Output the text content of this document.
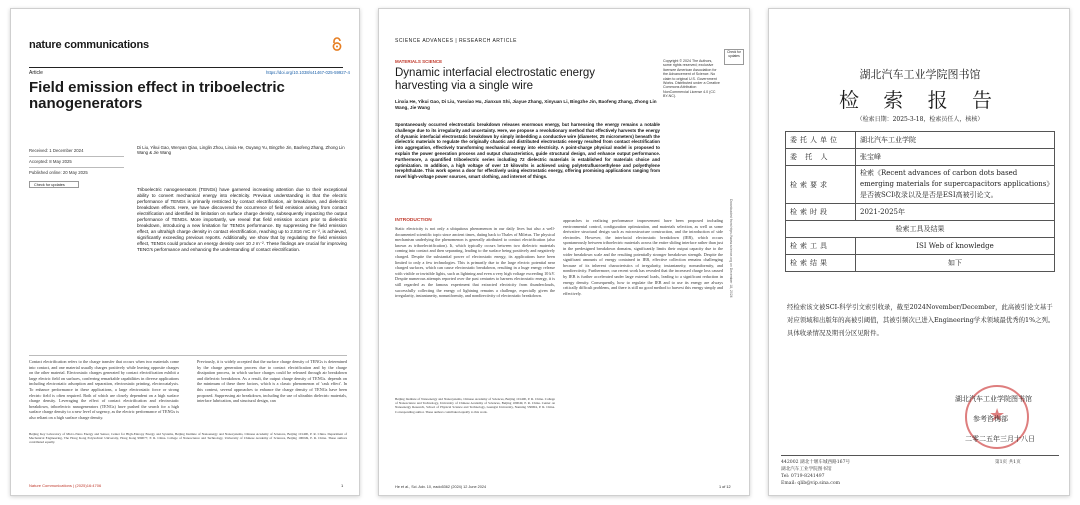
nature communications
Article	https://doi.org/10.1038/s41467-025-59927-4
Field emission effect in triboelectric nanogenerators
Received: 1 December 2024
Accepted: 8 May 2025
Published online: 20 May 2025
Check for updates
Di Liu, Yikui Gao, Wenyan Qiao, Linglin Zhou, Linxia He, Ouyang Yu, Bingzhe Jin, Baofeng Zhang, Zhong Lin Wang & Jie Wang
Triboelectric nanogenerators (TENGs) have garnered increasing attention due to their exceptional ability to convert mechanical energy into electricity. Previous understanding is that the electric performance of TENGs is primarily restricted by contact electrification, air breakdown, and dielectric breakdown effects. Here, we have discovered the occurrence of field emission arising from contact electrification and identified its limitation on surface charge density, subsequently impacting the output performance of TENGs. More importantly, we reveal that field emission occurs prior to dielectric breakdown, introducing a new limitation for TENGs performance. By suppressing the field emission effect, an ultrahigh charge density in contact electrification, reaching up to 2.816 mC m⁻², is achieved, significantly exceeding previous reports. Additionally, we show that by regulating the field emission effect, TENGs could produce an energy density over 10 J m⁻². These findings are crucial for improving TENG's performance and enhancing the understanding of contact electrification.
Contact electrification refers to the charge transfer that occurs when two materials come into contact, and one material usually charges positively while leaving opposite charges on the other material. Electrostatic charges generated by contact electrification exhibit a large electric field on surfaces, conferring remarkable capabilities in diverse applications including electrostatic adsorption and separation, electrostatic printing, electrocatalysis. To enhance performance in these applications, a large electrostatic force or strong electric field is often required. Both of which are closely dependent on a high surface charge density. Leveraging the effect of contact electrification and electrostatic breakdown, triboelectric nanogenerators (TENGs) have pushed the search for a high surface charge density to a new level of urgency, as the electric performance of TENGs is also reliant on a high surface charge density.
Previously, it is widely accepted that the surface charge density of TENGs is determined by the charge generation process due to contact electrification and by the charge dissipation process, in which surface charges could be released through air breakdown and dielectric breakdown. As a result, the output charge density of TENGs. depends on the minimum of these three factors, which is a classic phenomenon of 'cask effect'. In this context, several approaches to enhance the charge density of TENGs have been proposed. Suppressing air breakdown, including the use of ultrathin dielectric materials, interface lubrication, and structural design, can
Beijing Key Laboratory of Micro-Nano Energy and Sensor, Center for High-Entropy Energy and Systems, Beijing Institute of Nanoenergy and Nanosystems, Chinese Academy of Sciences, Beijing 101400, P. R. China. Department of Mechanical Engineering, The Hong Kong Polytechnic University, Hong Kong 999077, P. R. China. College of Nanoscience and Technology, University of Chinese Academy of Sciences, Beijing 100049, P. R. China. These authors contributed equally.
Nature Communications | (2025)16:4706	1
SCIENCE ADVANCES | RESEARCH ARTICLE
MATERIALS SCIENCE
Dynamic interfacial electrostatic energy harvesting via a single wire
Linxia He, Yikui Gao, Di Liu, Yuexiao Hu, Jianxun Shi, Jiayue Zhang, Xinyuan Li, Bingzhe Jin, Baofeng Zhang, Zhong Lin Wang, Jie Wang
Check for updates
Copyright © 2024 The Authors, some rights reserved; exclusive licensee American Association for the Advancement of Science. No claim to original U.S. Government Works. Distributed under a Creative Commons Attribution NonCommercial License 4.0 (CC BY-NC).
Spontaneously occurred electrostatic breakdown releases enormous energy, but harnessing the energy remains a notable challenge due to its irregularity and uncertainty. Here, we propose a revolutionary method that effectively harvests the energy of dynamic interfacial electrostatic breakdown by simply imbedding a conductive wire (diameter, 25 micrometers) beneath the dielectric materials to regulate the originally chaotic and distributed electrostatic energy resulted from contact electrification into aggregation, effectively transforming mechanical energy into electricity. A point-charge physical model is proposed to explain the power generation process and output characteristics, guide structural design, and enhance output performance. Furthermore, a quantified triboelectric series including 72 dielectric materials is established for materials choice and optimization. In addition, a high voltage of over 10 kilovolts is achieved using polytetrafluoroethylene and polyethylene terephthalate. This work opens a door for effectively using electrostatic energy, offering promising applications ranging from novel high-voltage power sources, smart clothing, and internet of things.
INTRODUCTION
Static electricity is not only a ubiquitous phenomenon in our daily lives but also a well-documented scientific topic since ancient times, dating back to Thales of Miletus. The physical mechanism underlying the phenomenon is generally attributed to contact electrification (also known as triboelectrification). It, which typically occurs between two dielectric materials coming into contact and then separating, leading to the surface being positively and negatively charged. Despite the substantial power of electrostatic energy, its applications have been limited to only a few technologies. This is primarily due to the large electric potential near charged surfaces, which can cause electrostatic breakdown, resulting in a huge energy release with visible or invisible lights, such as lightning and even a very high voltage exceeding 10 kV. Despite numerous attempts reported over the past centuries to harness electrostatic energy, it is still regarded as the famous experiment that extracted electricity from thunderclouds, successfully collecting the energy of lightning remains a challenge, especially given the irregularity, instantaneity, nonuniformity, and nondirectivity of electrostatic breakdown.
approaches to realizing performance improvement have been proposed including environmental control, configuration optimization, and materials selection, as well as some derivative structural design such as microstructure construction, and the introduction of side electrodes. However, the interfacial electrostatic breakdown (IEB), which occurs spontaneously between triboelectric materials across the entire sliding interface rather than just in the predesigned breakdown domains, significantly limits their output capacity due to the wider breakdown scale and the resulting potentially stronger breakdown strength. Despite the significant amounts of energy contained in IEB, effective collection remains challenging because of its inherent characteristics of irregularity, instantaneity, nonuniformity, and nondirectivity. Furthermore, our recent work has revealed that the increased charge loss caused by IEB is further accelerated under large external loads, leading to a significant reduction in energy density. Consequently, how to regulate the IEB and to use its energy are always critically difficult problems, and there is still no good method to harvest this energy simply and effectively.
Beijing Institute of Nanoenergy and Nanosystems, Chinese Academy of Sciences, Beijing 101400, P. R. China. College of Nanoscience and Technology, University of Chinese Academy of Sciences, Beijing 100049, P. R. China. Center on Nanoenergy Research, School of Physical Science and Technology, Guangxi University, Nanning 530004, P. R. China. Corresponding author. These authors contributed equally to this work.
Downloaded from https://www.science.org on December 18, 2024
He et al., Sci. Adv. 10, eado5362 (2024) 12 June 2024	1 of 12
湖北汽车工业学院图书馆
检 索 报 告
（检索日期：2025-3-18，检索员任人，核核）
委托人单位	湖北汽车工业学院
委 托 人	张宝峰
检索要求	检索《Recent advances of carbon dots based emerging materials for supercapacitors applications》是否被SCI收录以及是否是ESI高被引论文。
检索时段	2021-2025年
检索工具及结果	
检索工具	ISI Web of knowledge
检索结果	如下
经检索该文被SCI-科学引文索引收录，截至2024November/December，此高被引论文基于对应领域和出版年的高被引阈值，其被引频次已进入Engineering学术领域最优秀的1%之列。具体收录情况及期刊分区见附件。
★
湖北汽车工业学院图书馆
参考咨询部
二零二五年三月十八日
442002 湖北十堰车城西路167号
湖北汽车工业学院图书馆
Tel: 0719-8241497
Email: qlib@vip.sina.com
第1页 共1页
